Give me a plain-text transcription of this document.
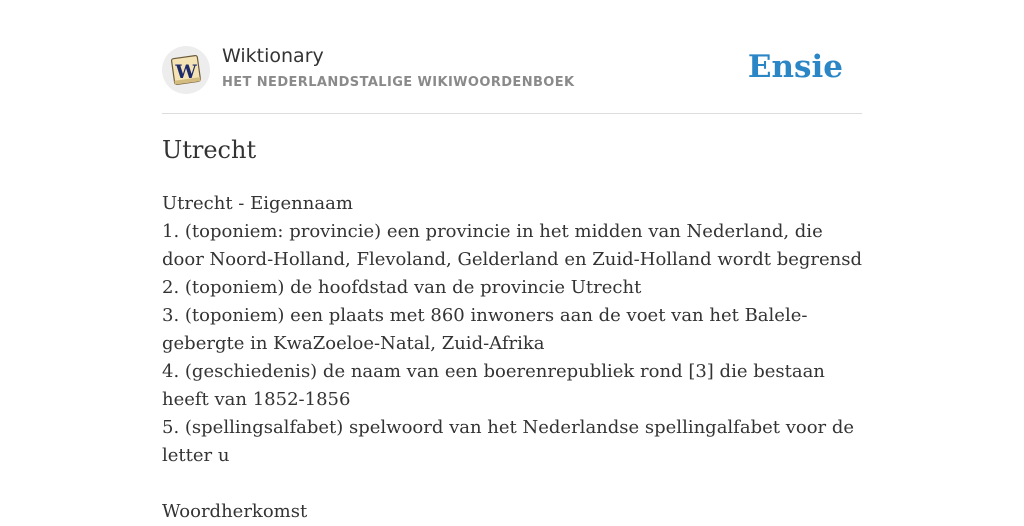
W
Wiktionary
HET NEDERLANDSTALIGE WIKIWOORDENBOEK	Ensie
Utrecht
Utrecht - Eigennaam
1. (toponiem: provincie) een provincie in het midden van Nederland, die door Noord-Holland, Flevoland, Gelderland en Zuid-Holland wordt begrensd
2. (toponiem) de hoofdstad van de provincie Utrecht
3. (toponiem) een plaats met 860 inwoners aan de voet van het Balele-gebergte in KwaZoeloe-Natal, Zuid-Afrika
4. (geschiedenis) de naam van een boerenrepubliek rond [3] die bestaan heeft van 1852-1856
5. (spellingsalfabet) spelwoord van het Nederlandse spellingalfabet voor de letter u
Woordherkomst
